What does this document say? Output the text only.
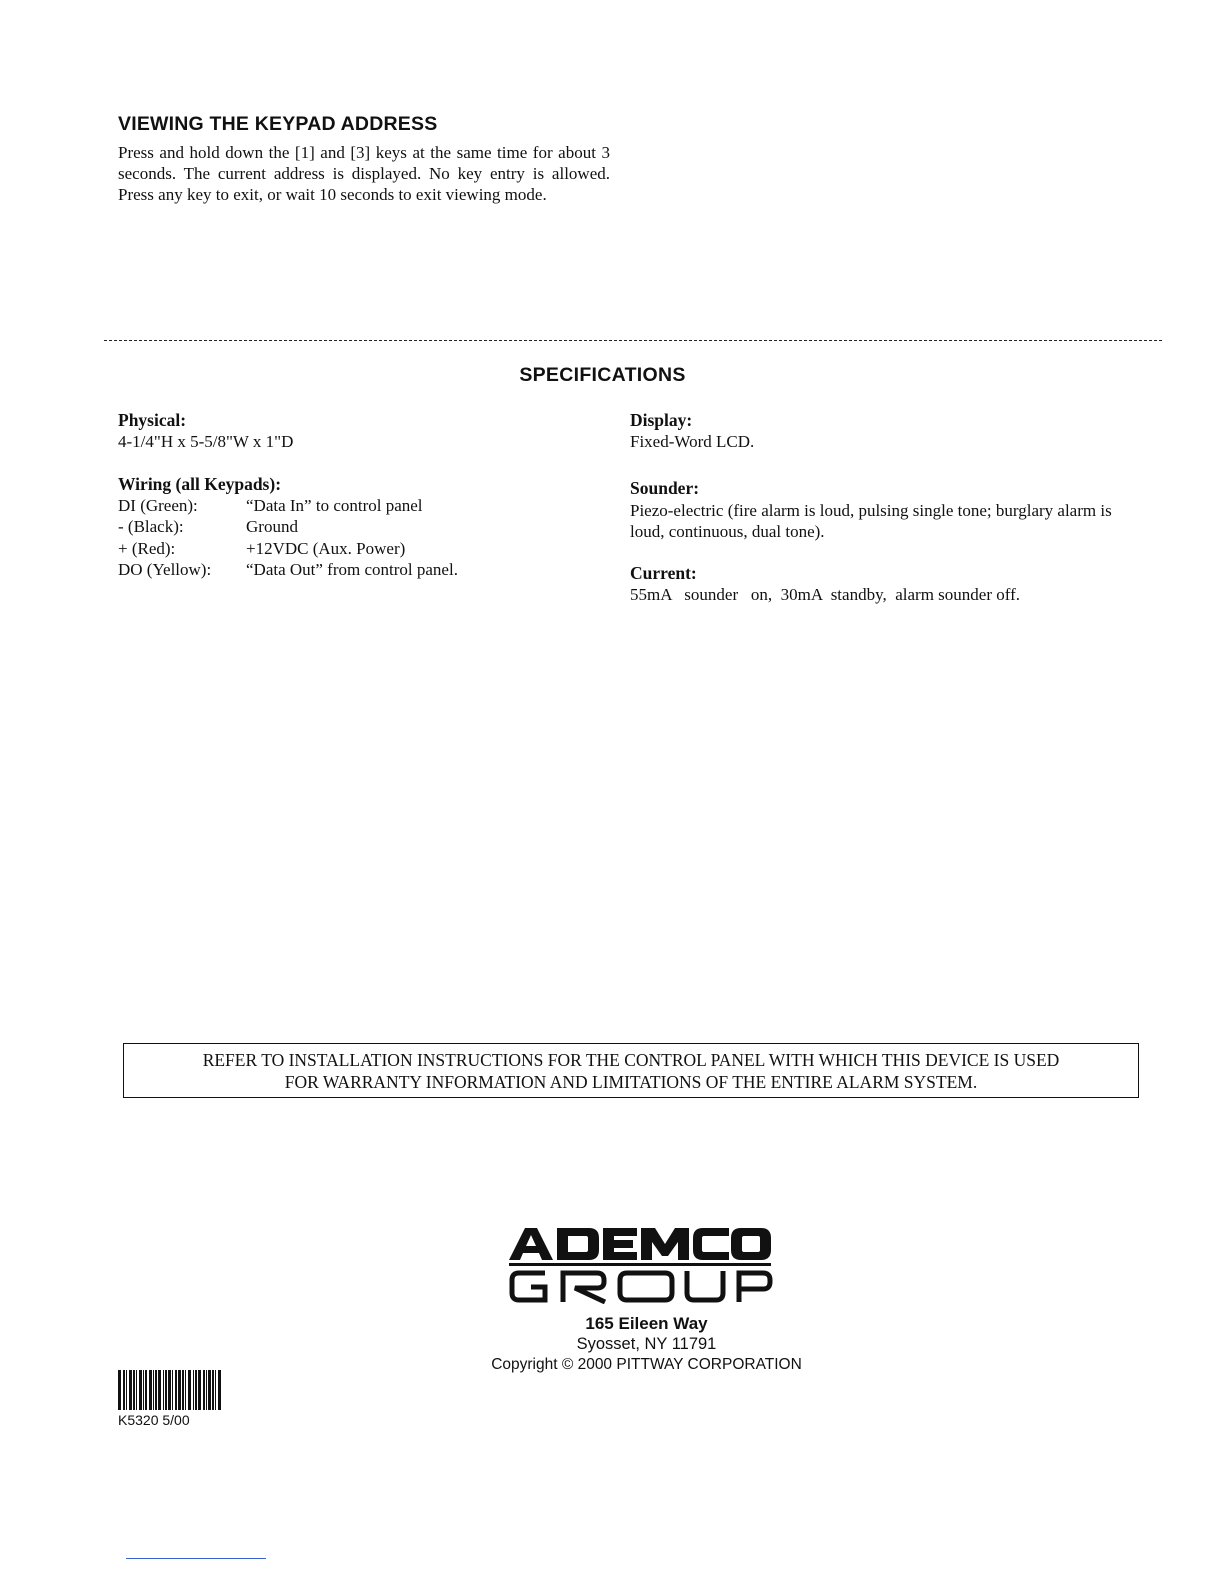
VIEWING THE KEYPAD ADDRESS
Press and hold down the [1] and [3] keys at the same time for about 3 seconds. The current address is displayed. No key entry is allowed. Press any key to exit, or wait 10 seconds to exit viewing mode.
SPECIFICATIONS
Physical:
4-1/4"H x 5-5/8"W x 1"D
Wiring (all Keypads):
DI (Green):	“Data In” to control panel
- (Black):	Ground
+ (Red):	+12VDC (Aux. Power)
DO (Yellow):	“Data Out” from control panel.
Display:
Fixed-Word LCD.
Sounder:
Piezo-electric (fire alarm is loud, pulsing single tone; burglary alarm is loud, continuous, dual tone).
Current:
55mA   sounder   on,  30mA  standby,  alarm sounder off.
REFER TO INSTALLATION INSTRUCTIONS FOR THE CONTROL PANEL WITH WHICH THIS DEVICE IS USED
FOR WARRANTY INFORMATION AND LIMITATIONS OF THE ENTIRE ALARM SYSTEM.
165 Eileen Way
Syosset, NY 11791
Copyright © 2000 PITTWAY CORPORATION
K5320 5/00
